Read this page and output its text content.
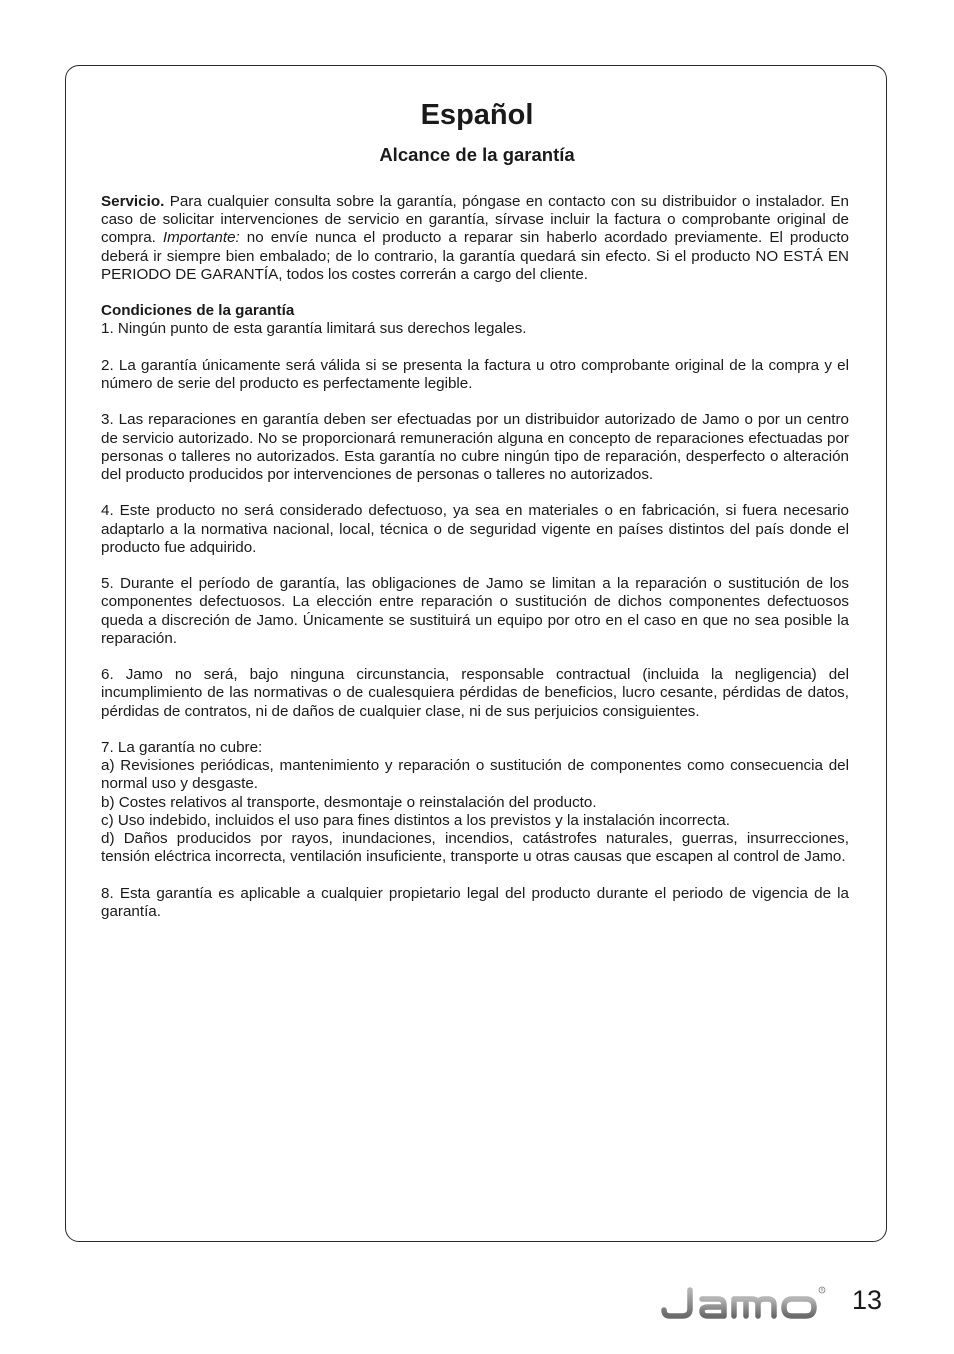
Español
Alcance de la garantía

Servicio. Para cualquier consulta sobre la garantía, póngase en contacto con su distribuidor o instalador. En caso de solicitar intervenciones de servicio en garantía, sírvase incluir la factura o comprobante original de compra. Importante: no envíe nunca el producto a reparar sin haberlo acordado previamente. El producto deberá ir siempre bien embalado; de lo contrario, la garantía quedará sin efecto. Si el producto NO ESTÁ EN PERIODO DE GARANTÍA, todos los costes correrán a cargo del cliente.

Condiciones de la garantía

1. Ningún punto de esta garantía limitará sus derechos legales.

2. La garantía únicamente será válida si se presenta la factura u otro comprobante original de la compra y el número de serie del producto es perfectamente legible.

3. Las reparaciones en garantía deben ser efectuadas por un distribuidor autorizado de Jamo o por un centro de servicio autorizado. No se proporcionará remuneración alguna en concepto de reparaciones efectuadas por personas o talleres no autorizados. Esta garantía no cubre ningún tipo de reparación, desperfecto o alteración del producto producidos por intervenciones de personas o talleres no autorizados.

4. Este producto no será considerado defectuoso, ya sea en materiales o en fabricación, si fuera necesario adaptarlo a la normativa nacional, local, técnica o de seguridad vigente en países distintos del país donde el producto fue adquirido.

5. Durante el período de garantía, las obligaciones de Jamo se limitan a la reparación o sustitución de los componentes defectuosos. La elección entre reparación o sustitución de dichos componentes defectuosos queda a discreción de Jamo. Únicamente se sustituirá un equipo por otro en el caso en que no sea posible la reparación.

6. Jamo no será, bajo ninguna circunstancia, responsable contractual (incluida la negligencia) del incumplimiento de las normativas o de cualesquiera pérdidas de beneficios, lucro cesante, pérdidas de datos, pérdidas de contratos, ni de daños de cualquier clase, ni de sus perjuicios consiguientes.

7. La garantía no cubre:

a) Revisiones periódicas, mantenimiento y reparación o sustitución de componentes como consecuencia del normal uso y desgaste.

b) Costes relativos al transporte, desmontaje o reinstalación del producto.

c) Uso indebido, incluidos el uso para fines distintos a los previstos y la instalación incorrecta.

d) Daños producidos por rayos, inundaciones, incendios, catástrofes naturales, guerras, insurrecciones, tensión eléctrica incorrecta, ventilación insuficiente, transporte u otras causas que escapen al control de Jamo.

8. Esta garantía es aplicable a cualquier propietario legal del producto durante el periodo de vigencia de la garantía.

R 13
